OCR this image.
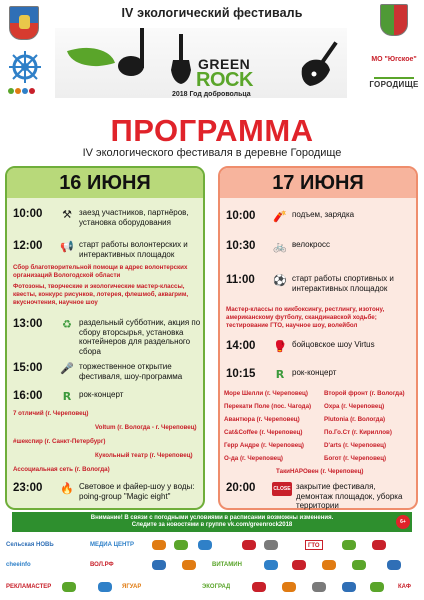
IV экологический фестиваль
GREEN
ROCK
2018 Год добровольца
МО "Югское"
ГОРОДИЩЕ
ПРОГРАММА
IV экологического фестиваля в деревне Городище
16 ИЮНЯ
10:00	⚒ заезд участников, партнёров, установка оборудования
12:00	📢 старт работы волонтерских и интерактивных площадок
Сбор благотворительной помощи в адрес волонтерских организаций Вологодской области
Фотозоны, творческие и экологические мастер-классы, квесты, конкурс рисунков, лотерея, флешмоб, аквагрим, вкусночтения, научное шоу
13:00	♻ раздельный субботник, акция по сбору вторсырья, установка контейнеров для раздельного сбора
15:00	🎤 торжественное открытие фестиваля, шоу-программа
16:00	R рок-концерт
7 отличий (г. Череповец)
Voltum (г. Вологда - г. Череповец)
#шекспир (г. Санкт-Петербург)
Кукольный театр (г. Череповец)
Ассоциальная сеть (г. Вологда)
23:00	🔥 Световое и файер-шоу у воды: poing-group "Magic eight"
17 ИЮНЯ
10:00	🧨 подъем, зарядка
10:30	🚲 велокросс
11:00	⚽ старт работы спортивных и интерактивных площадок
Мастер-классы по кикбоксингу, рестлингу, изотону, американскому футболу, скандинавской ходьбе; тестирование ГТО, научное шоу, волейбол
14:00	🥊 бойцовское шоу Virtus
10:15	R рок-концерт
Море Шелли (г. Череповец)	Второй фронт (г. Вологда)
Перекати Поле (пос. Чагода) Охра (г. Череповец)
Авантюра (г. Череповец)	Plutonia (г. Вологда)
Cat&Coffee (г. Череповец)	По.Го.Ст (г. Кириллов)
Герр Андре (г. Череповец)	D'arts (г. Череповец)
О-да (г. Череповец)	Богот (г. Череповец)
ТакиНАРОвен (г. Череповец)
20:00	CLOSE закрытие фестиваля, демонтаж площадок, уборка территории
Внимание! В связи с погодными условиями в расписании возможны изменения.
Следите за новостями в группе vk.com/greenrock2018	6+
Сельская НОВЬ
cheeinfo
РЕКЛАМАСТЕР
МЕДИА ЦЕНТР
ВОЛ.РФ
ЯГУАР
ВИТАМИН
ЭКОГРАД
ГТО
КАФ
